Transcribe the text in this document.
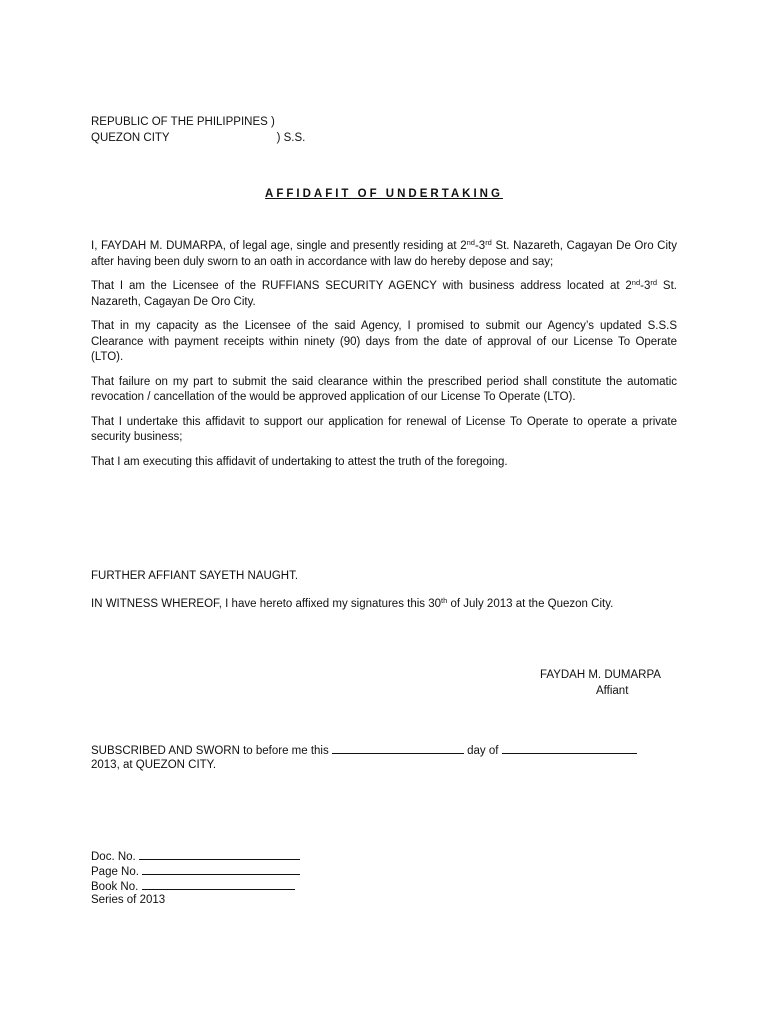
REPUBLIC OF THE PHILIPPINES )
QUEZON CITY	) S.S.
AFFIDAFIT OF UNDERTAKING

I, FAYDAH M. DUMARPA, of legal age, single and presently residing at 2nd-3rd St. Nazareth, Cagayan De Oro City after having been duly sworn to an oath in accordance with law do hereby depose and say;

That I am the Licensee of the RUFFIANS SECURITY AGENCY with business address located at 2nd-3rd St. Nazareth, Cagayan De Oro City.

That in my capacity as the Licensee of the said Agency, I promised to submit our Agency’s updated S.S.S Clearance with payment receipts within ninety (90) days from the date of approval of our License To Operate (LTO).

That failure on my part to submit the said clearance within the prescribed period shall constitute the automatic revocation / cancellation of the would be approved application of our License To Operate (LTO).

That I undertake this affidavit to support our application for renewal of License To Operate to operate a private security business;

That I am executing this affidavit of undertaking to attest the truth of the foregoing.

FURTHER AFFIANT SAYETH NAUGHT.

IN WITNESS WHEREOF, I have hereto affixed my signatures this 30th of July 2013 at the Quezon City.

FAYDAH M. DUMARPA
Affiant
SUBSCRIBED AND SWORN to before me this	day of
2013, at QUEZON CITY.
Doc. No.
Page No.
Book No.
Series of 2013
